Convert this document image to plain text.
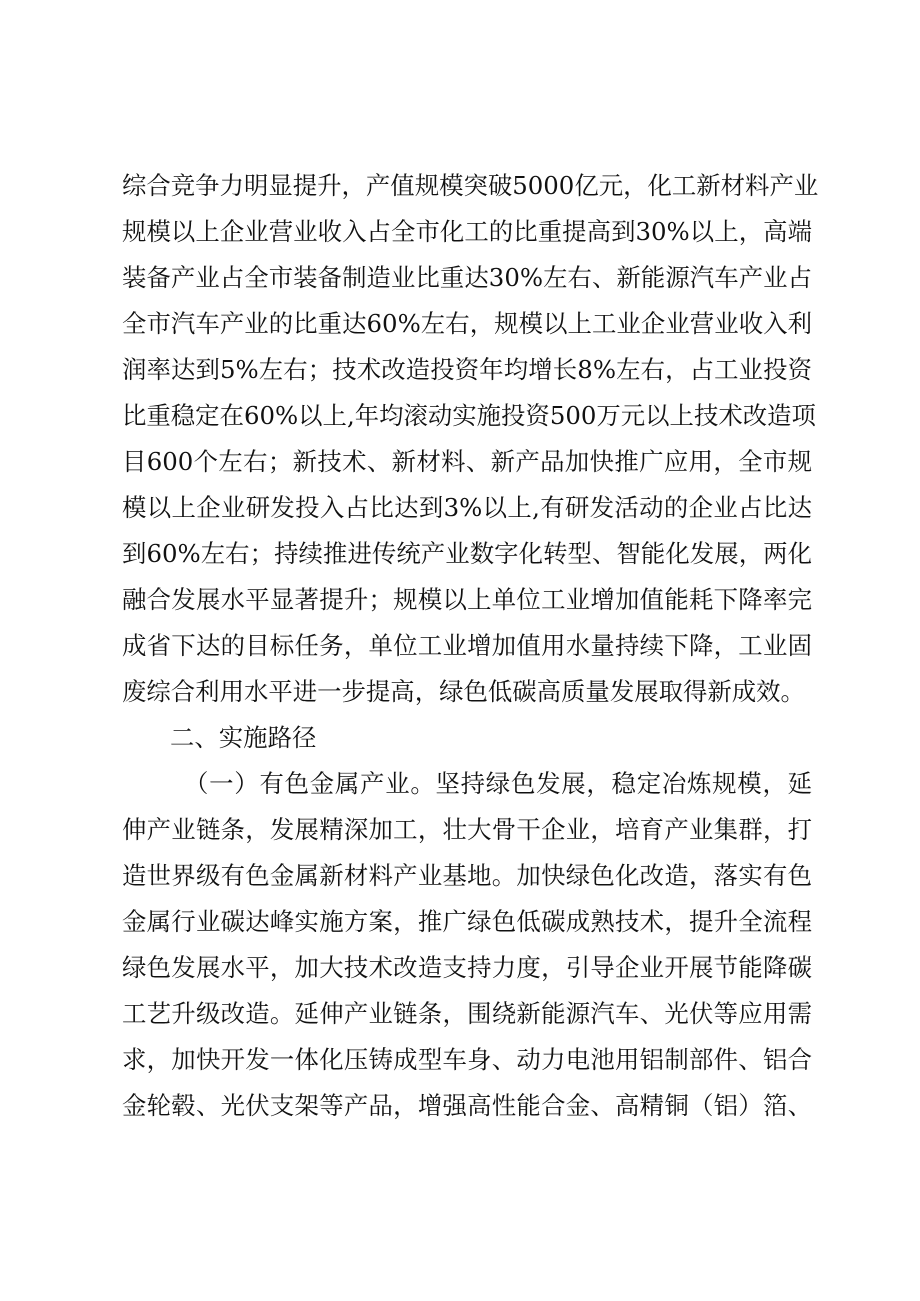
综合竞争力明显提升，产值规模突破5000亿元，化工新材料产业
规模以上企业营业收入占全市化工的比重提高到30%以上，高端
装备产业占全市装备制造业比重达30%左右、新能源汽车产业占
全市汽车产业的比重达60%左右，规模以上工业企业营业收入利
润率达到5%左右；技术改造投资年均增长8%左右，占工业投资
比重稳定在60%以上,年均滚动实施投资500万元以上技术改造项
目600个左右；新技术、新材料、新产品加快推广应用，全市规
模以上企业研发投入占比达到3%以上,有研发活动的企业占比达
到60%左右；持续推进传统产业数字化转型、智能化发展，两化
融合发展水平显著提升；规模以上单位工业增加值能耗下降率完
成省下达的目标任务，单位工业增加值用水量持续下降，工业固
废综合利用水平进一步提高，绿色低碳高质量发展取得新成效。
二、实施路径
（一）有色金属产业。坚持绿色发展，稳定冶炼规模，延
伸产业链条，发展精深加工，壮大骨干企业，培育产业集群，打
造世界级有色金属新材料产业基地。加快绿色化改造，落实有色
金属行业碳达峰实施方案，推广绿色低碳成熟技术，提升全流程
绿色发展水平，加大技术改造支持力度，引导企业开展节能降碳
工艺升级改造。延伸产业链条，围绕新能源汽车、光伏等应用需
求，加快开发一体化压铸成型车身、动力电池用铝制部件、铝合
金轮毂、光伏支架等产品，增强高性能合金、高精铜（铝）箔、
